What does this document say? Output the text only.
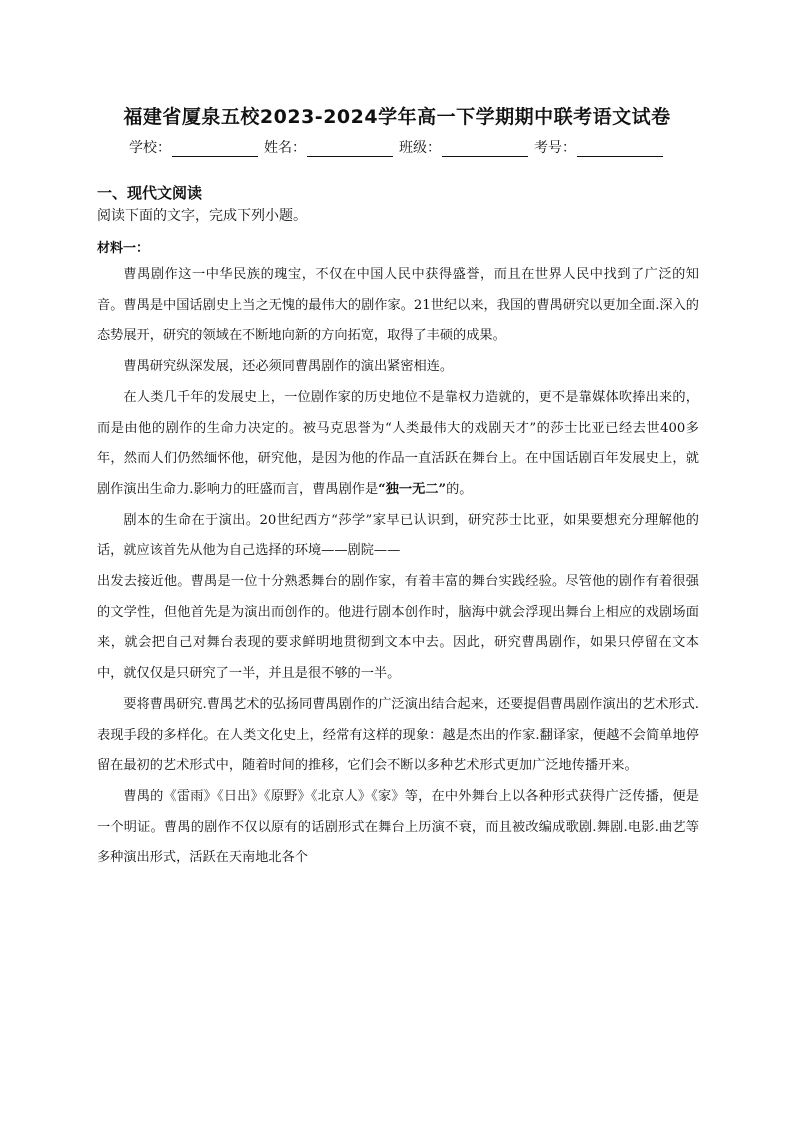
福建省厦泉五校2023-2024学年高一下学期期中联考语文试卷
学校：	姓名：	班级：	考号：
一、现代文阅读
阅读下面的文字，完成下列小题。
材料一：

曹禺剧作这一中华民族的瑰宝，不仅在中国人民中获得盛誉，而且在世界人民中找到了广泛的知音。曹禺是中国话剧史上当之无愧的最伟大的剧作家。21世纪以来，我国的曹禺研究以更加全面.深入的态势展开，研究的领域在不断地向新的方向拓宽，取得了丰硕的成果。

曹禺研究纵深发展，还必须同曹禺剧作的演出紧密相连。

在人类几千年的发展史上，一位剧作家的历史地位不是靠权力造就的，更不是靠媒体吹捧出来的，而是由他的剧作的生命力决定的。被马克思誉为“人类最伟大的戏剧天才”的莎士比亚已经去世400多年，然而人们仍然缅怀他，研究他，是因为他的作品一直活跃在舞台上。在中国话剧百年发展史上，就剧作演出生命力.影响力的旺盛而言，曹禺剧作是“独一无二”的。

剧本的生命在于演出。20世纪西方“莎学”家早已认识到，研究莎士比亚，如果要想充分理解他的话，就应该首先从他为自己选择的环境——剧院——

出发去接近他。曹禺是一位十分熟悉舞台的剧作家，有着丰富的舞台实践经验。尽管他的剧作有着很强的文学性，但他首先是为演出而创作的。他进行剧本创作时，脑海中就会浮现出舞台上相应的戏剧场面来，就会把自己对舞台表现的要求鲜明地贯彻到文本中去。因此，研究曹禺剧作，如果只停留在文本中，就仅仅是只研究了一半，并且是很不够的一半。

要将曹禺研究.曹禺艺术的弘扬同曹禺剧作的广泛演出结合起来，还要提倡曹禺剧作演出的艺术形式.表现手段的多样化。在人类文化史上，经常有这样的现象：越是杰出的作家.翻译家，便越不会简单地停留在最初的艺术形式中，随着时间的推移，它们会不断以多种艺术形式更加广泛地传播开来。

曹禺的《雷雨》《日出》《原野》《北京人》《家》等，在中外舞台上以各种形式获得广泛传播，便是一个明证。曹禺的剧作不仅以原有的话剧形式在舞台上历演不衰，而且被改编成歌剧.舞剧.电影.曲艺等多种演出形式，活跃在天南地北各个
